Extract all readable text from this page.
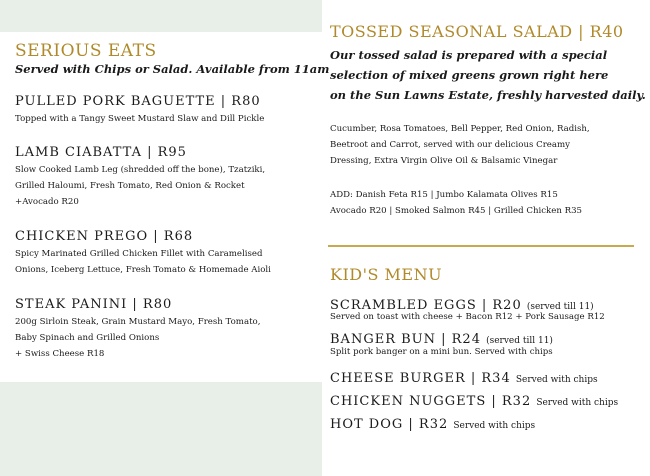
SERIOUS EATS
Served with Chips or Salad. Available from 11am
PULLED PORK BAGUETTE | R80
Topped with a Tangy Sweet Mustard Slaw and Dill Pickle
LAMB CIABATTA | R95
Slow Cooked Lamb Leg (shredded off the bone), Tzatziki,
Grilled Haloumi, Fresh Tomato, Red Onion & Rocket
+Avocado R20
CHICKEN PREGO | R68
Spicy Marinated Grilled Chicken Fillet with Caramelised
Onions, Iceberg Lettuce, Fresh Tomato & Homemade Aioli
STEAK PANINI | R80
200g Sirloin Steak, Grain Mustard Mayo, Fresh Tomato,
Baby Spinach and Grilled Onions
+ Swiss Cheese R18
TOSSED SEASONAL SALAD | R40
Our tossed salad is prepared with a special
selection of mixed greens grown right here
on the Sun Lawns Estate, freshly harvested daily.
Cucumber, Rosa Tomatoes, Bell Pepper, Red Onion, Radish,
Beetroot and Carrot, served with our delicious Creamy
Dressing, Extra Virgin Olive Oil & Balsamic Vinegar
ADD: Danish Feta R15 | Jumbo Kalamata Olives R15
Avocado R20 | Smoked Salmon R45 | Grilled Chicken R35
KID'S MENU
SCRAMBLED EGGS | R20 (served till 11)
Served on toast with cheese + Bacon R12 + Pork Sausage R12
BANGER BUN | R24 (served till 11)
Split pork banger on a mini bun. Served with chips
CHEESE BURGER | R34 Served with chips
CHICKEN NUGGETS | R32 Served with chips
HOT DOG | R32 Served with chips
